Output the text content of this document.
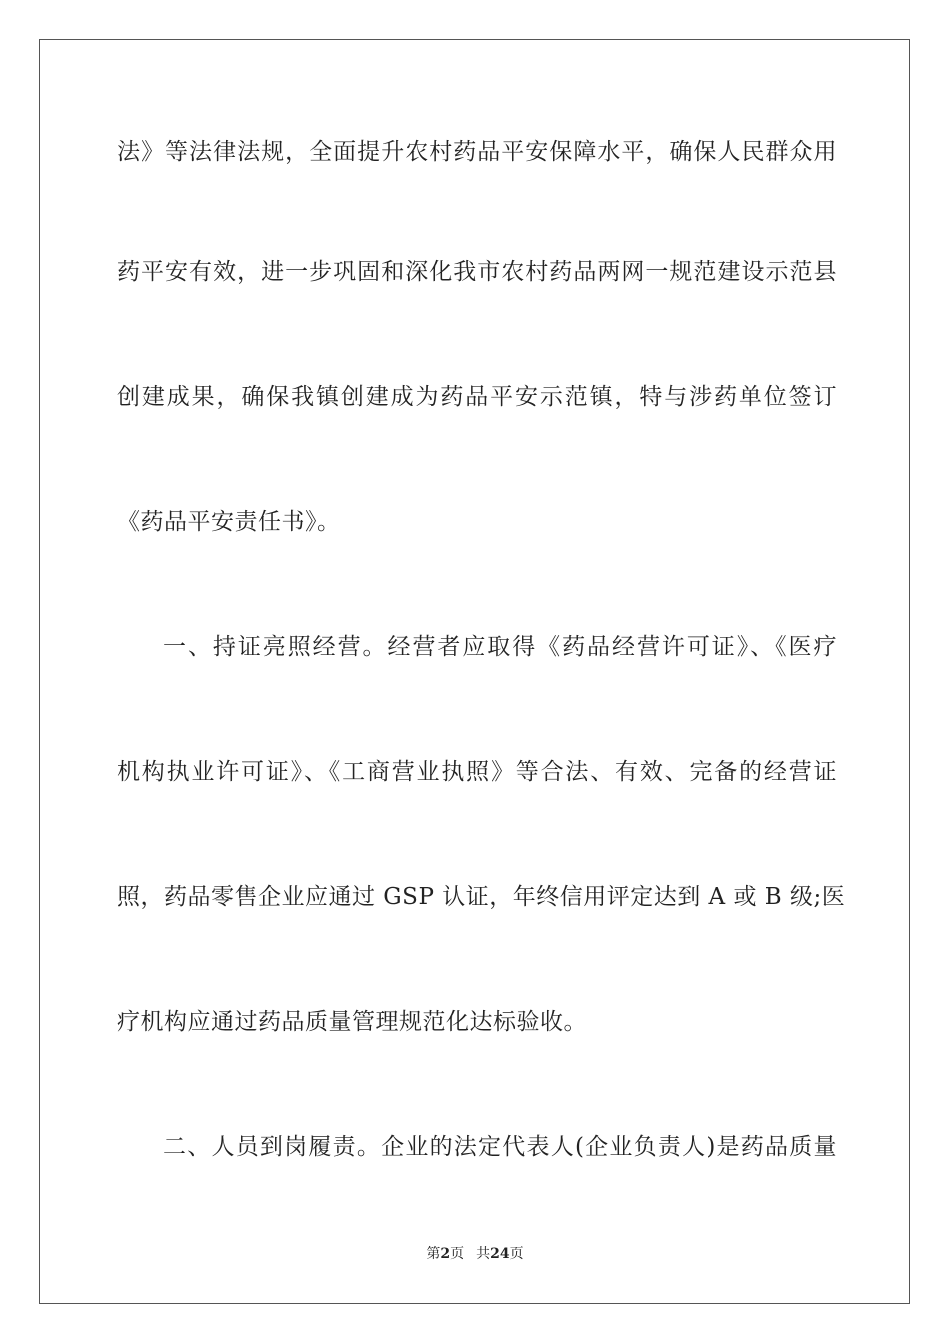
法》等法律法规，全面提升农村药品平安保障水平，确保人民群众用
药平安有效，进一步巩固和深化我市农村药品两网一规范建设示范县
创建成果，确保我镇创建成为药品平安示范镇，特与涉药单位签订
《药品平安责任书》。
一、持证亮照经营。经营者应取得《药品经营许可证》、《医疗
机构执业许可证》、《工商营业执照》等合法、有效、完备的经营证
照，药品零售企业应通过 GSP 认证，年终信用评定达到 A 或 B 级;医
疗机构应通过药品质量管理规范化达标验收。
二、人员到岗履责。企业的法定代表人(企业负责人)是药品质量
第2页 共24页
